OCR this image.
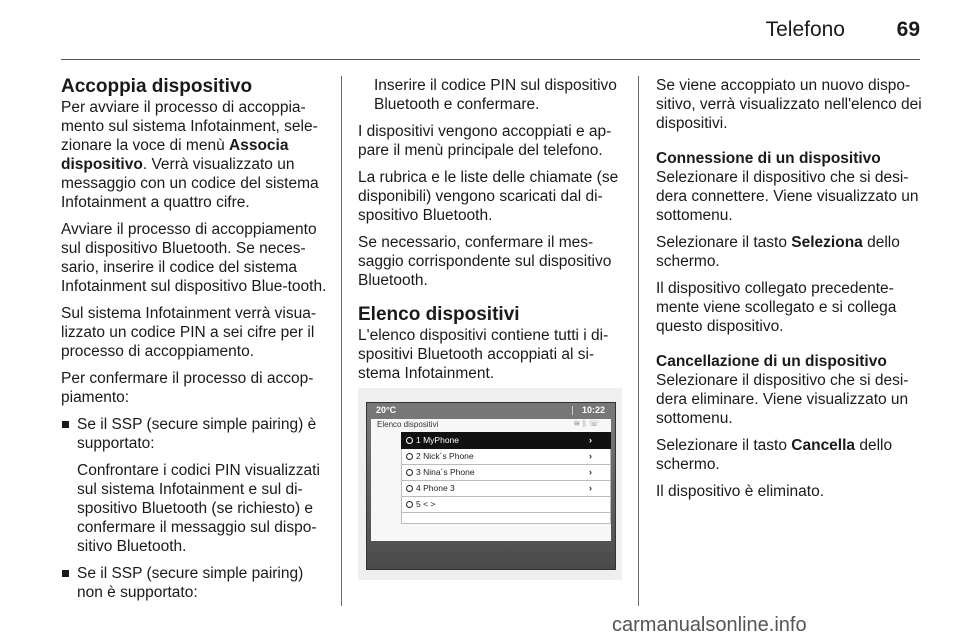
Telefono 69
Accoppia dispositivo

Per avviare il processo di accoppia-mento sul sistema Infotainment, sele-zionare la voce di menù Associa dispositivo. Verrà visualizzato un messaggio con un codice del sistema Infotainment a quattro cifre.

Avviare il processo di accoppiamento sul dispositivo Bluetooth. Se neces-sario, inserire il codice del sistema Infotainment sul dispositivo Blue-tooth.

Sul sistema Infotainment verrà visua-lizzato un codice PIN a sei cifre per il processo di accoppiamento.

Per confermare il processo di accop-piamento:

Se il SSP (secure simple pairing) è supportato:

Confrontare i codici PIN visualizzati sul sistema Infotainment e sul di-spositivo Bluetooth (se richiesto) e confermare il messaggio sul dispo-sitivo Bluetooth.

Se il SSP (secure simple pairing) non è supportato:

Inserire il codice PIN sul dispositivo Bluetooth e confermare.

I dispositivi vengono accoppiati e ap-pare il menù principale del telefono.

La rubrica e le liste delle chiamate (se disponibili) vengono scaricati dal di-spositivo Bluetooth.

Se necessario, confermare il mes-saggio corrispondente sul dispositivo Bluetooth.

Elenco dispositivi

L'elenco dispositivi contiene tutti i di-spositivi Bluetooth accoppiati al si-stema Infotainment.

20°C	10:22
Elenco dispositivi	≋ᛒ☏
1 MyPhone	›
2 Nick´s Phone	›
3 Nina´s Phone	›
4 Phone 3	›
5 < >

Se viene accoppiato un nuovo dispo-sitivo, verrà visualizzato nell'elenco dei dispositivi.

Connessione di un dispositivo

Selezionare il dispositivo che si desi-dera connettere. Viene visualizzato un sottomenu.

Selezionare il tasto Seleziona dello schermo.

Il dispositivo collegato precedente-mente viene scollegato e si collega questo dispositivo.

Cancellazione di un dispositivo

Selezionare il dispositivo che si desi-dera eliminare. Viene visualizzato un sottomenu.

Selezionare il tasto Cancella dello schermo.

Il dispositivo è eliminato.

carmanualsonline.info
